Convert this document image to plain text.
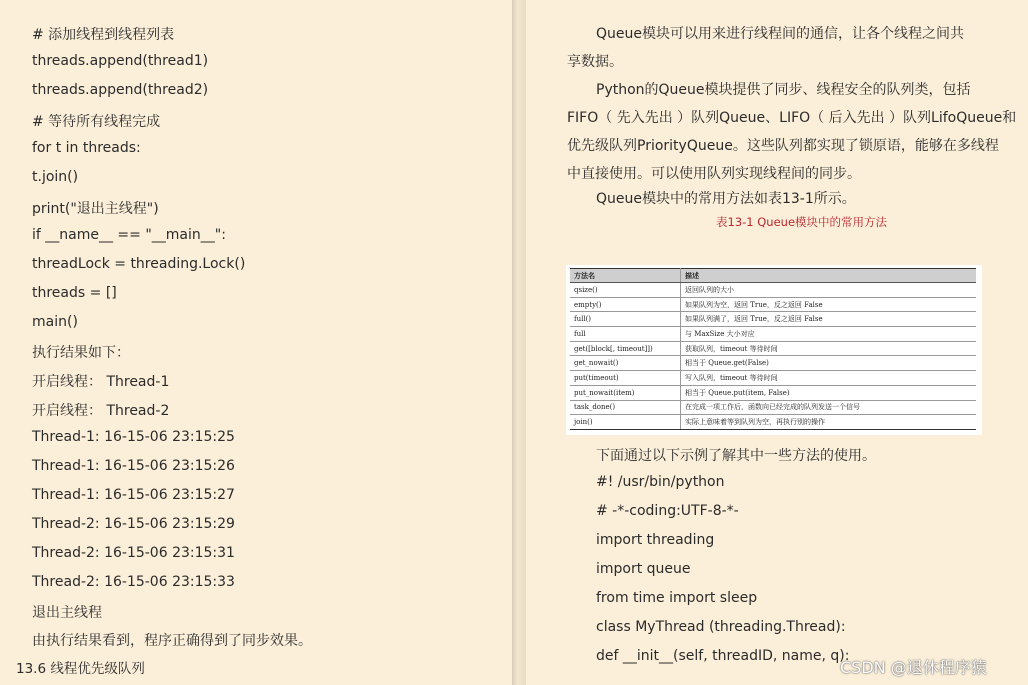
# 添加线程到线程列表
threads.append(thread1)
threads.append(thread2)
# 等待所有线程完成
for t in threads:
t.join()
print("退出主线程")
if __name__ == "__main__":
threadLock = threading.Lock()
threads = []
main()
执行结果如下：
开启线程： Thread-1
开启线程： Thread-2
Thread-1: 16-15-06 23:15:25
Thread-1: 16-15-06 23:15:26
Thread-1: 16-15-06 23:15:27
Thread-2: 16-15-06 23:15:29
Thread-2: 16-15-06 23:15:31
Thread-2: 16-15-06 23:15:33
退出主线程
由执行结果看到，程序正确得到了同步效果。
13.6 线程优先级队列
Queue模块可以用来进行线程间的通信，让各个线程之间共
享数据。
Python的Queue模块提供了同步、线程安全的队列类，包括
FIFO（ 先入先出 ）队列Queue、LIFO（ 后入先出 ）队列LifoQueue和
优先级队列PriorityQueue。这些队列都实现了锁原语，能够在多线程
中直接使用。可以使用队列实现线程间的同步。
Queue模块中的常用方法如表13-1所示。
表13-1 Queue模块中的常用方法
方法名	描述
qsize()	返回队列的大小
empty()	如果队列为空，返回 True，反之返回 False
full()	如果队列满了，返回 True，反之返回 False
full	与 MaxSize 大小对应
get([block[, timeout]])	获取队列，timeout 等待时间
get_nowait()	相当于 Queue.get(False)
put(timeout)	写入队列，timeout 等待时间
put_nowait(item)	相当于 Queue.put(item, False)
task_done()	在完成一项工作后，函数向已经完成的队列发送一个信号
join()	实际上意味着等到队列为空，再执行别的操作
下面通过以下示例了解其中一些方法的使用。
#! /usr/bin/python
# -*-coding:UTF-8-*-
import threading
import queue
from time import sleep
class MyThread (threading.Thread):
def __init__(self, threadID, name, q):
CSDN @退休程序猿
